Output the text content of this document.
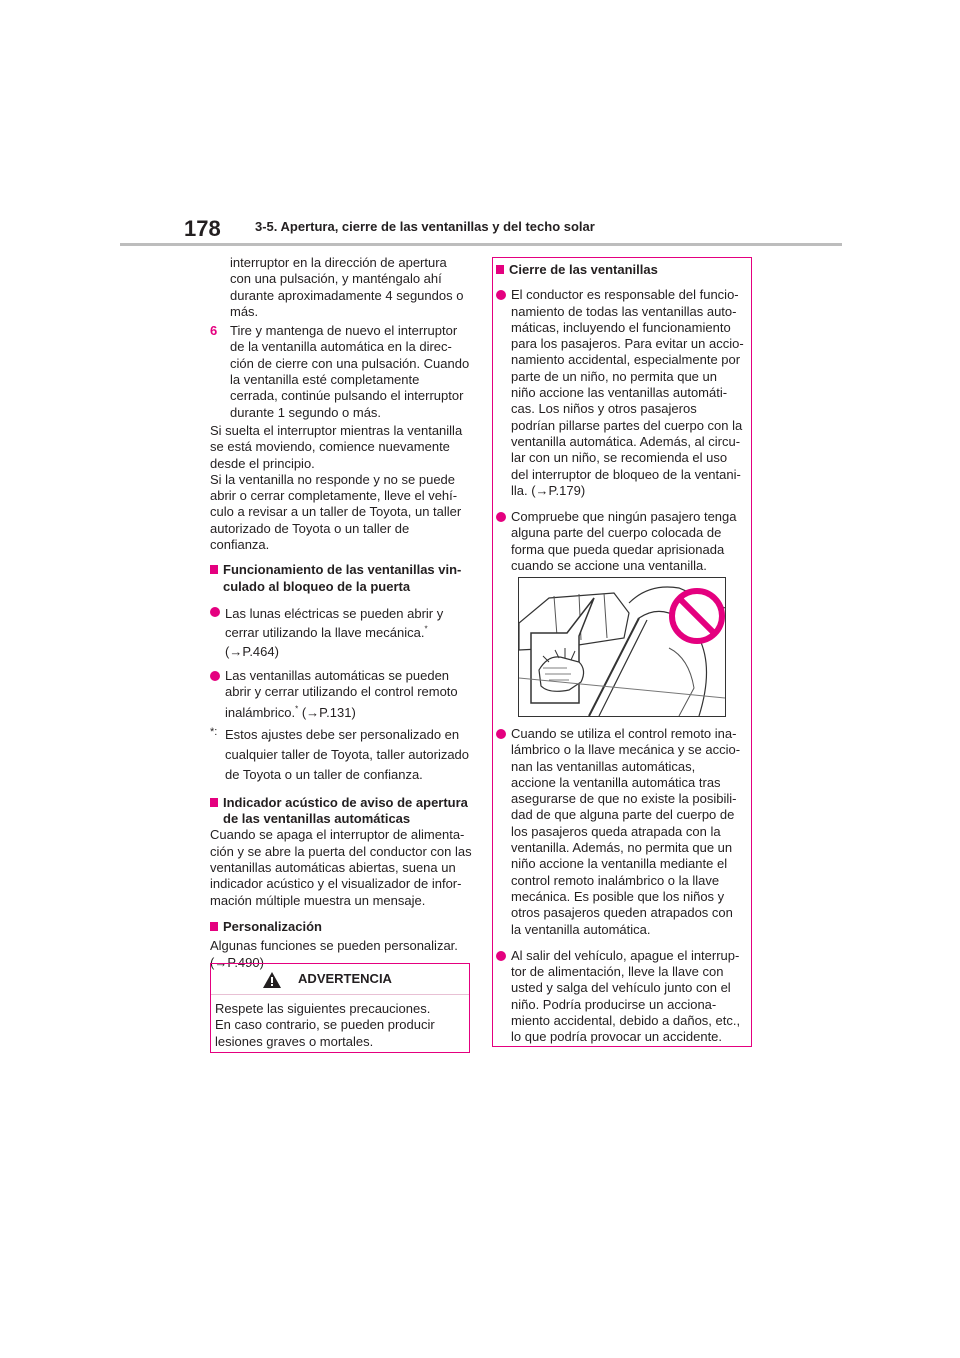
178	3-5. Apertura, cierre de las ventanillas y del techo solar
interruptor en la dirección de apertura
con una pulsación, y manténgalo ahí
durante aproximadamente 4 segundos o
más.
6 Tire y mantenga de nuevo el interruptor
de la ventanilla automática en la direc-
ción de cierre con una pulsación. Cuando
la ventanilla esté completamente
cerrada, continúe pulsando el interruptor
durante 1 segundo o más.
Si suelta el interruptor mientras la ventanilla
se está moviendo, comience nuevamente
desde el principio.
Si la ventanilla no responde y no se puede
abrir o cerrar completamente, lleve el vehí-
culo a revisar a un taller de Toyota, un taller
autorizado de Toyota o un taller de confianza.
Funcionamiento de las ventanillas vin-
culado al bloqueo de la puerta
Las lunas eléctricas se pueden abrir y
cerrar utilizando la llave mecánica.*
(→P.464)
Las ventanillas automáticas se pueden
abrir y cerrar utilizando el control remoto
inalámbrico.* (→P.131)
*: Estos ajustes debe ser personalizado en
cualquier taller de Toyota, taller autorizado
de Toyota o un taller de confianza.
Indicador acústico de aviso de apertura
de las ventanillas automáticas
Cuando se apaga el interruptor de alimenta-
ción y se abre la puerta del conductor con las
ventanillas automáticas abiertas, suena un
indicador acústico y el visualizador de infor-
mación múltiple muestra un mensaje.
Personalización
Algunas funciones se pueden personalizar.
(→P.490)
ADVERTENCIA
Respete las siguientes precauciones.
En caso contrario, se pueden producir
lesiones graves o mortales.
Cierre de las ventanillas
El conductor es responsable del funcio-
namiento de todas las ventanillas auto-
máticas, incluyendo el funcionamiento
para los pasajeros. Para evitar un accio-
namiento accidental, especialmente por
parte de un niño, no permita que un
niño accione las ventanillas automáti-
cas. Los niños y otros pasajeros
podrían pillarse partes del cuerpo con la
ventanilla automática. Además, al circu-
lar con un niño, se recomienda el uso
del interruptor de bloqueo de la ventani-
lla. (→P.179)
Compruebe que ningún pasajero tenga
alguna parte del cuerpo colocada de
forma que pueda quedar aprisionada
cuando se accione una ventanilla.
Cuando se utiliza el control remoto ina-
lámbrico o la llave mecánica y se accio-
nan las ventanillas automáticas,
accione la ventanilla automática tras
asegurarse de que no existe la posibili-
dad de que alguna parte del cuerpo de
los pasajeros queda atrapada con la
ventanilla. Además, no permita que un
niño accione la ventanilla mediante el
control remoto inalámbrico o la llave
mecánica. Es posible que los niños y
otros pasajeros queden atrapados con
la ventanilla automática.
Al salir del vehículo, apague el interrup-
tor de alimentación, lleve la llave con
usted y salga del vehículo junto con el
niño. Podría producirse un acciona-
miento accidental, debido a daños, etc.,
lo que podría provocar un accidente.
